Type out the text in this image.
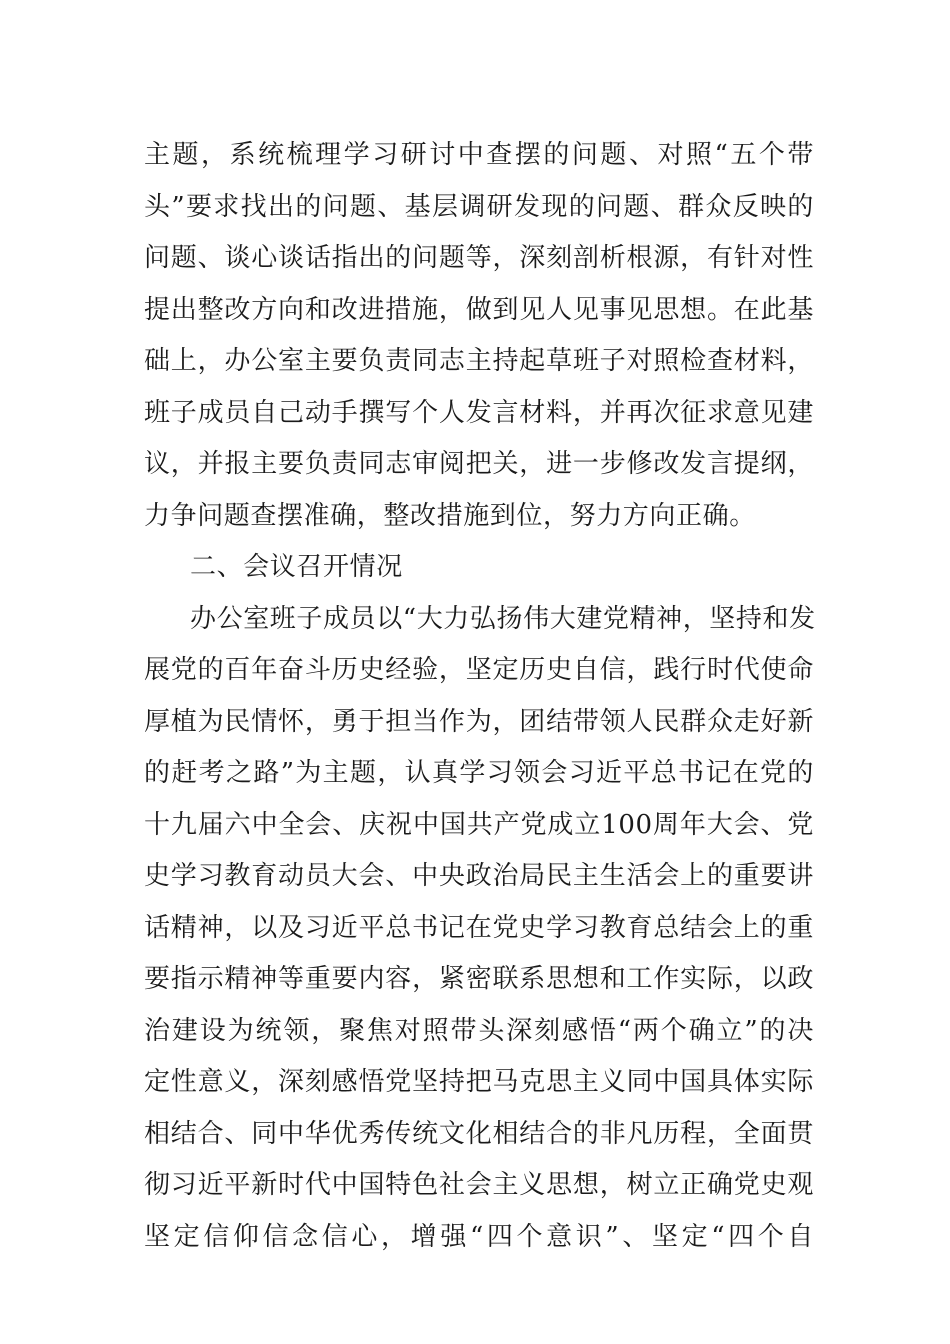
主题，系统梳理学习研讨中查摆的问题、对照“五个带
头”要求找出的问题、基层调研发现的问题、群众反映的
问题、谈心谈话指出的问题等，深刻剖析根源，有针对性
提出整改方向和改进措施，做到见人见事见思想。在此基
础上，办公室主要负责同志主持起草班子对照检查材料，
班子成员自己动手撰写个人发言材料，并再次征求意见建
议，并报主要负责同志审阅把关，进一步修改发言提纲，
力争问题查摆准确，整改措施到位，努力方向正确。
二、会议召开情况
办公室班子成员以“大力弘扬伟大建党精神，坚持和发
展党的百年奋斗历史经验，坚定历史自信，践行时代使命
厚植为民情怀，勇于担当作为，团结带领人民群众走好新
的赶考之路”为主题，认真学习领会习近平总书记在党的
十九届六中全会、庆祝中国共产党成立100周年大会、党
史学习教育动员大会、中央政治局民主生活会上的重要讲
话精神，以及习近平总书记在党史学习教育总结会上的重
要指示精神等重要内容，紧密联系思想和工作实际，以政
治建设为统领，聚焦对照带头深刻感悟“两个确立”的决
定性意义，深刻感悟党坚持把马克思主义同中国具体实际
相结合、同中华优秀传统文化相结合的非凡历程，全面贯
彻习近平新时代中国特色社会主义思想，树立正确党史观
坚定信仰信念信心，增强“四个意识”、坚定“四个自
